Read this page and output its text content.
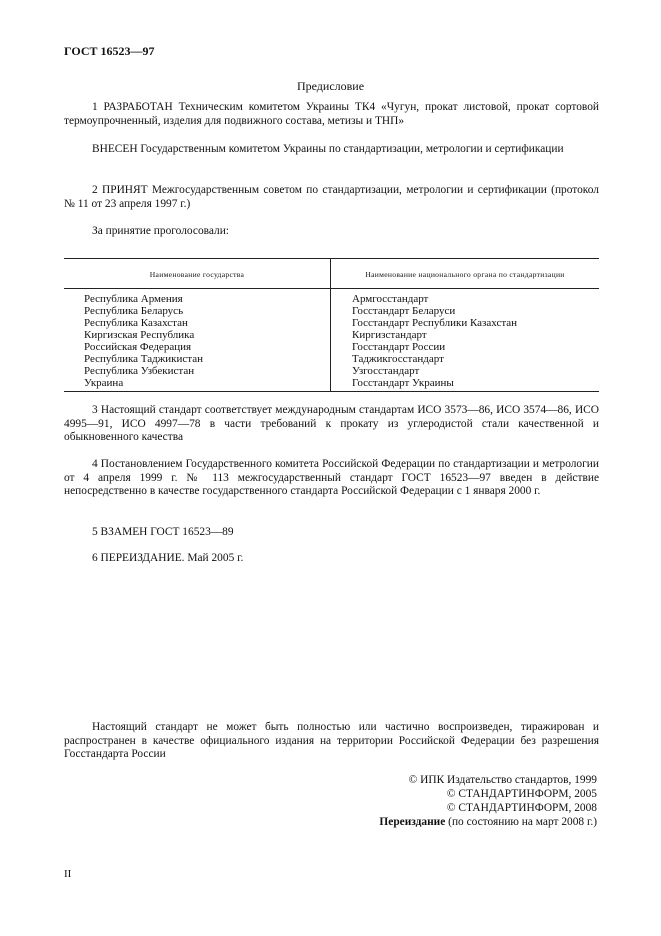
ГОСТ 16523—97
Предисловие
1 РАЗРАБОТАН Техническим комитетом Украины ТК4 «Чугун, прокат листовой, прокат сортовой термоупрочненный, изделия для подвижного состава, метизы и ТНП»
ВНЕСЕН Государственным комитетом Украины по стандартизации, метрологии и сертификации
2 ПРИНЯТ Межгосударственным советом по стандартизации, метрологии и сертификации (протокол № 11 от 23 апреля 1997 г.)
За принятие проголосовали:
Наименование государства	Наименование национального органа по стандартизации
Республика Армения
Республика Беларусь
Республика Казахстан
Киргизская Республика
Российская Федерация
Республика Таджикистан
Республика Узбекистан
Украина
Армгосстандарт
Госстандарт Беларуси
Госстандарт Республики Казахстан
Киргизстандарт
Госстандарт России
Таджикгосстандарт
Узгосстандарт
Госстандарт Украины
3 Настоящий стандарт соответствует международным стандартам ИСО 3573—86, ИСО 3574—86, ИСО 4995—91, ИСО 4997—78 в части требований к прокату из углеродистой стали качественной и обыкновенного качества
4 Постановлением Государственного комитета Российской Федерации по стандартизации и метрологии от 4 апреля 1999 г. № 113 межгосударственный стандарт ГОСТ 16523—97 введен в действие непосредственно в качестве государственного стандарта Российской Федерации с 1 января 2000 г.
5 ВЗАМЕН ГОСТ 16523—89
6 ПЕРЕИЗДАНИЕ. Май 2005 г.
Настоящий стандарт не может быть полностью или частично воспроизведен, тиражирован и распространен в качестве официального издания на территории Российской Федерации без разрешения Госстандарта России
© ИПК Издательство стандартов, 1999
© СТАНДАРТИНФОРМ, 2005
© СТАНДАРТИНФОРМ, 2008
Переиздание (по состоянию на март 2008 г.)
II
